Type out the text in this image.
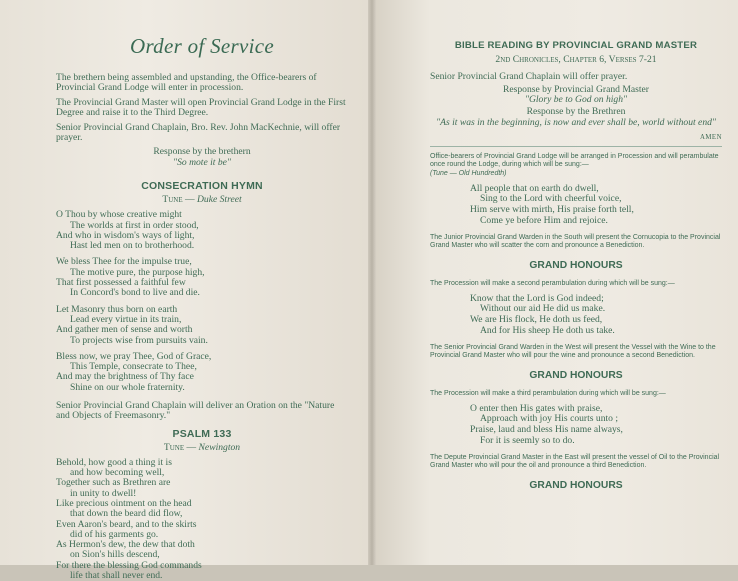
Order of Service

The brethern being assembled and upstanding, the Office-bearers of Provincial Grand Lodge will enter in procession.

The Provincial Grand Master will open Provincial Grand Lodge in the First Degree and raise it to the Third Degree.

Senior Provincial Grand Chaplain, Bro. Rev. John MacKechnie, will offer prayer.

Response by the brethern

"So mote it be"

CONSECRATION HYMN

Tune — Duke Street

O Thou by whose creative might
The worlds at first in order stood,
And who in wisdom's ways of light,
Hast led men on to brotherhood.
We bless Thee for the impulse true,
The motive pure, the purpose high,
That first possessed a faithful few
In Concord's bond to live and die.
Let Masonry thus born on earth
Lead every virtue in its train,
And gather men of sense and worth
To projects wise from pursuits vain.
Bless now, we pray Thee, God of Grace,
This Temple, consecrate to Thee,
And may the brightness of Thy face
Shine on our whole fraternity.

Senior Provincial Grand Chaplain will deliver an Oration on the "Nature and Objects of Freemasonry."

PSALM 133

Tune — Newington

Behold, how good a thing it is
and how becoming well,
Together such as Brethren are
in unity to dwell!
Like precious ointment on the head
that down the beard did flow,
Even Aaron's beard, and to the skirts
did of his garments go.
As Hermon's dew, the dew that doth
on Sion's hills descend,
For there the blessing God commands
life that shall never end.

BIBLE READING BY PROVINCIAL GRAND MASTER

2nd Chronicles, Chapter 6, Verses 7-21

Senior Provincial Grand Chaplain will offer prayer.

Response by Provincial Grand Master

"Glory be to God on high"

Response by the Brethren

"As it was in the beginning, is now and ever shall be, world without end"

AMEN

Office-bearers of Provincial Grand Lodge will be arranged in Procession and will perambulate once round the Lodge, during which will be sung:—

(Tune — Old Hundredth)

All people that on earth do dwell,
Sing to the Lord with cheerful voice,
Him serve with mirth, His praise forth tell,
Come ye before Him and rejoice.

The Junior Provincial Grand Warden in the South will present the Cornucopia to the Provincial Grand Master who will scatter the corn and pronounce a Benediction.

GRAND HONOURS

The Procession will make a second perambulation during which will be sung:—

Know that the Lord is God indeed;
Without our aid He did us make.
We are His flock, He doth us feed,
And for His sheep He doth us take.

The Senior Provincial Grand Warden in the West will present the Vessel with the Wine to the Provincial Grand Master who will pour the wine and pronounce a second Benediction.

GRAND HONOURS

The Procession will make a third perambulation during which will be sung:—

O enter then His gates with praise,
Approach with joy His courts unto ;
Praise, laud and bless His name always,
For it is seemly so to do.

The Depute Provincial Grand Master in the East will present the vessel of Oil to the Provincial Grand Master who will pour the oil and pronounce a third Benediction.

GRAND HONOURS
